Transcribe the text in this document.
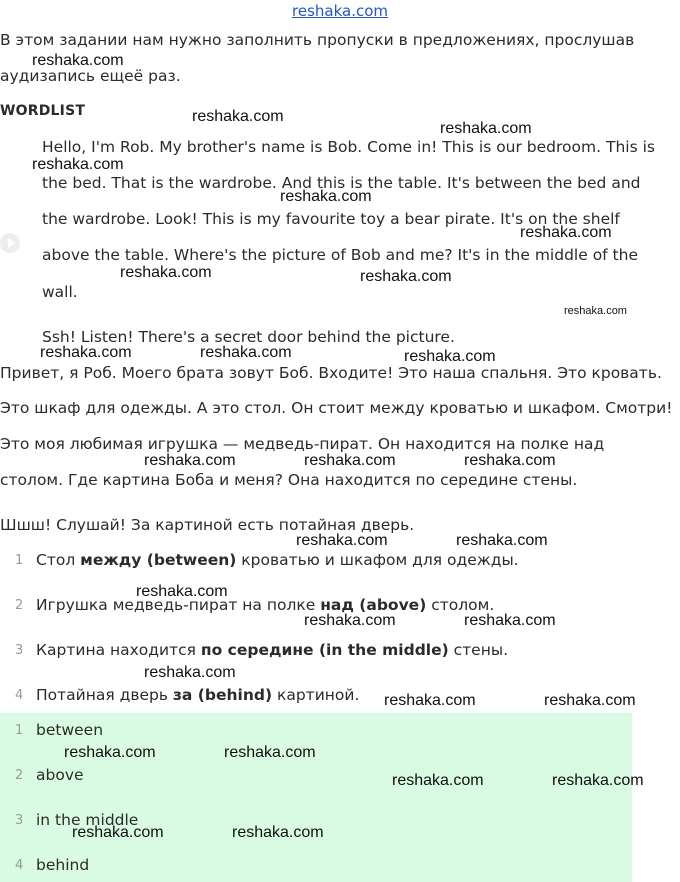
reshaka.com
В этом задании нам нужно заполнить пропуски в предложениях, прослушав
аудизапись ещеё раз.
WORDLIST
Hello, I'm Rob. My brother's name is Bob. Come in! This is our bedroom. This is
the bed. That is the wardrobe. And this is the table. It's between the bed and
the wardrobe. Look! This is my favourite toy a bear pirate. It's on the shelf
above the table. Where's the picture of Bob and me? It's in the middle of the
wall.
Ssh! Listen! There's a secret door behind the picture.
Привет, я Роб. Моего брата зовут Боб. Входите! Это наша спальня. Это кровать.
Это шкаф для одежды. А это стол. Он стоит между кроватью и шкафом. Смотри!
Это моя любимая игрушка — медведь-пират. Он находится на полке над
столом. Где картина Боба и меня? Она находится по середине стены.
Шшш! Слушай! За картиной есть потайная дверь.
1 Стол между (between) кроватью и шкафом для одежды.
2 Игрушка медведь-пират на полке над (above) столом.
3 Картина находится по середине (in the middle) стены.
4 Потайная дверь за (behind) картиной.
1 between
2 above
3 in the middle
4 behind
reshaka.com
reshaka.com
reshaka.com
reshaka.com
reshaka.com
reshaka.com
reshaka.com	reshaka.com
reshaka.com
reshaka.com	reshaka.com	reshaka.com
reshaka.com	reshaka.com	reshaka.com
reshaka.com	reshaka.com
reshaka.com
reshaka.com	reshaka.com
reshaka.com
reshaka.com	reshaka.com
reshaka.com	reshaka.com
reshaka.com	reshaka.com
reshaka.com	reshaka.com
